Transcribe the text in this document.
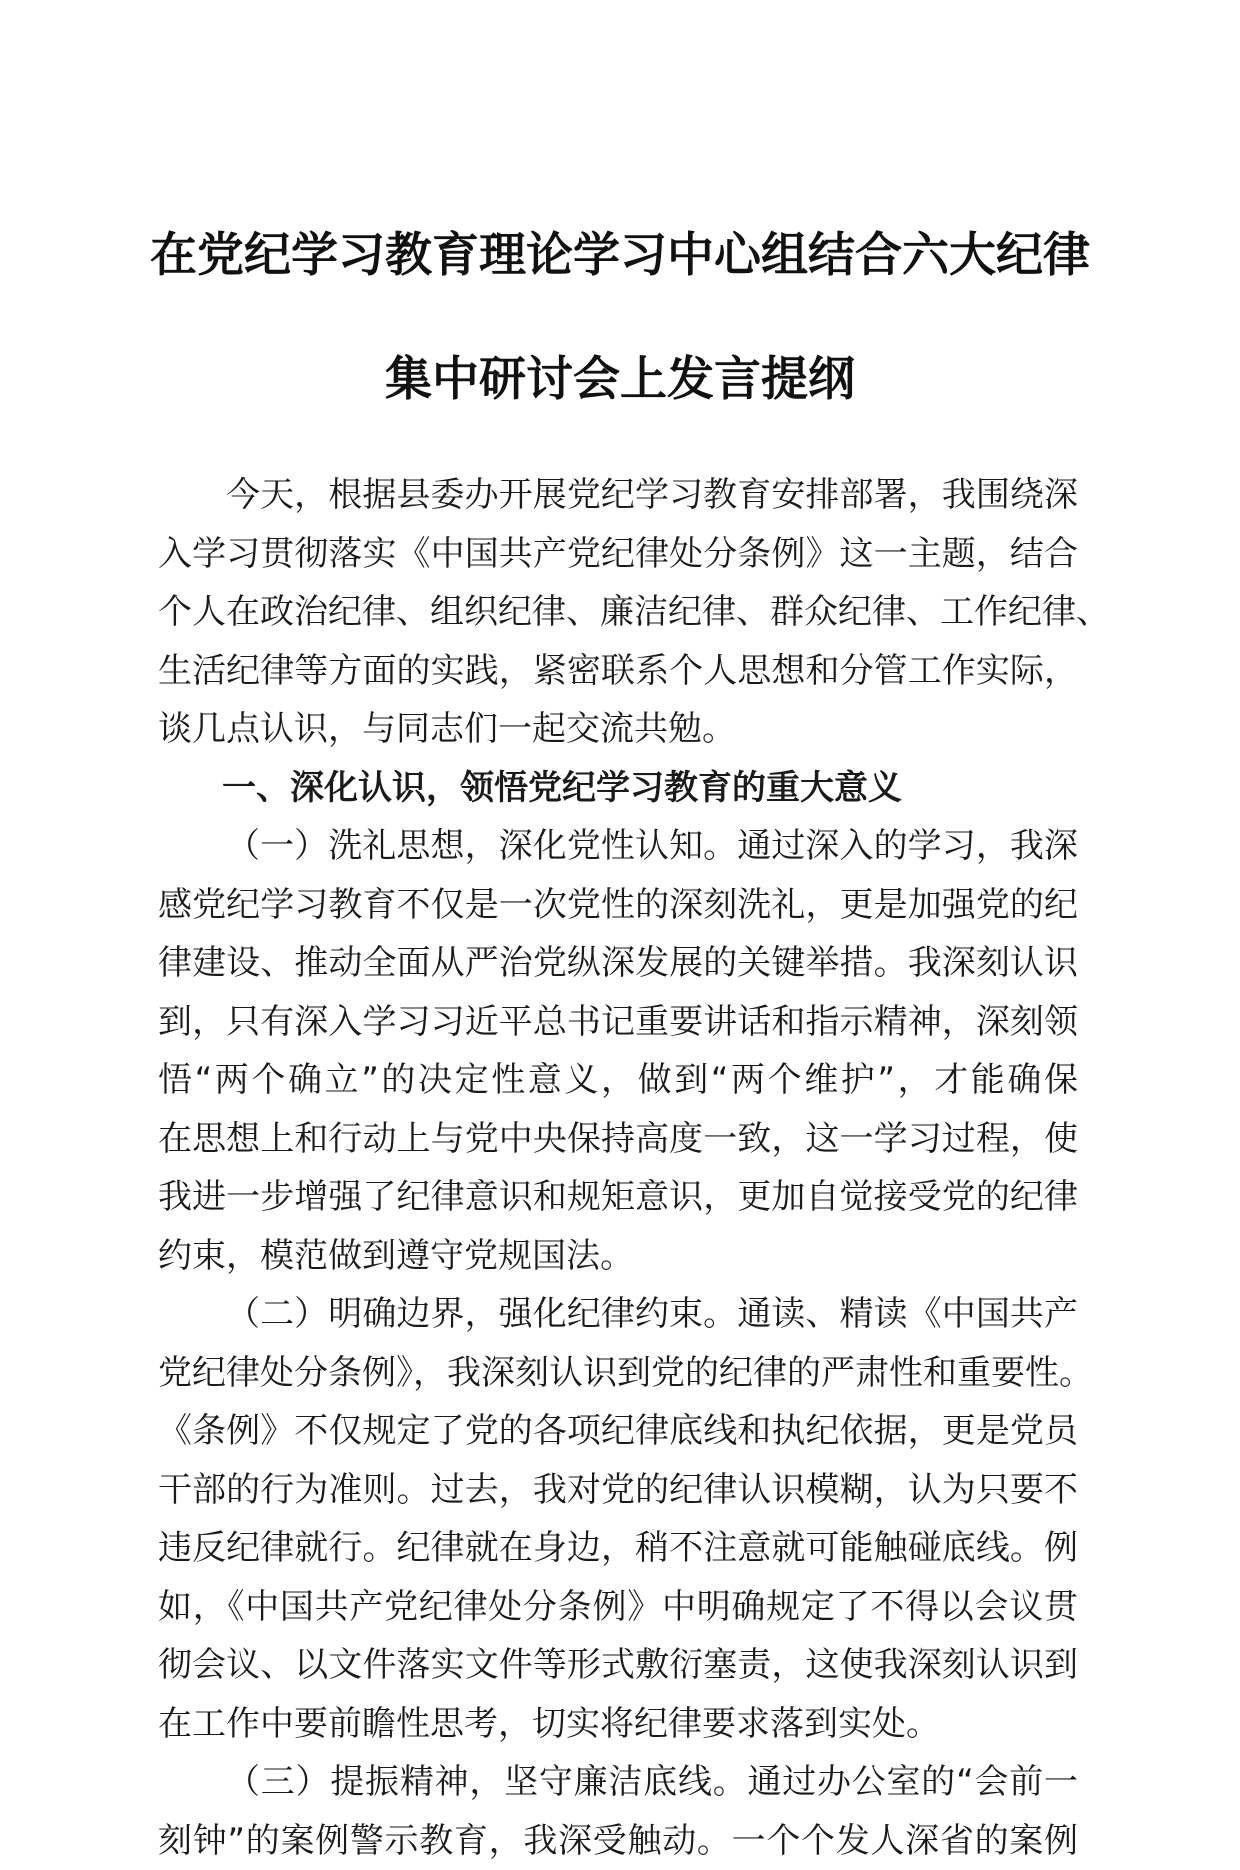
在党纪学习教育理论学习中心组结合六大纪律
集中研讨会上发言提纲
今天，根据县委办开展党纪学习教育安排部署，我围绕深
入学习贯彻落实《中国共产党纪律处分条例》这一主题，结合
个人在政治纪律、组织纪律、廉洁纪律、群众纪律、工作纪律、
生活纪律等方面的实践，紧密联系个人思想和分管工作实际，
谈几点认识，与同志们一起交流共勉。
一、深化认识，领悟党纪学习教育的重大意义
（一）洗礼思想，深化党性认知。通过深入的学习，我深
感党纪学习教育不仅是一次党性的深刻洗礼，更是加强党的纪
律建设、推动全面从严治党纵深发展的关键举措。我深刻认识
到，只有深入学习习近平总书记重要讲话和指示精神，深刻领
悟“两个确立”的决定性意义，做到“两个维护”，才能确保
在思想上和行动上与党中央保持高度一致，这一学习过程，使
我进一步增强了纪律意识和规矩意识，更加自觉接受党的纪律
约束，模范做到遵守党规国法。
（二）明确边界，强化纪律约束。通读、精读《中国共产
党纪律处分条例》，我深刻认识到党的纪律的严肃性和重要性。
《条例》不仅规定了党的各项纪律底线和执纪依据，更是党员
干部的行为准则。过去，我对党的纪律认识模糊，认为只要不
违反纪律就行。纪律就在身边，稍不注意就可能触碰底线。例
如，《中国共产党纪律处分条例》中明确规定了不得以会议贯
彻会议、以文件落实文件等形式敷衍塞责，这使我深刻认识到
在工作中要前瞻性思考，切实将纪律要求落到实处。
（三）提振精神，坚守廉洁底线。通过办公室的“会前一
刻钟”的案例警示教育，我深受触动。一个个发人深省的案例
